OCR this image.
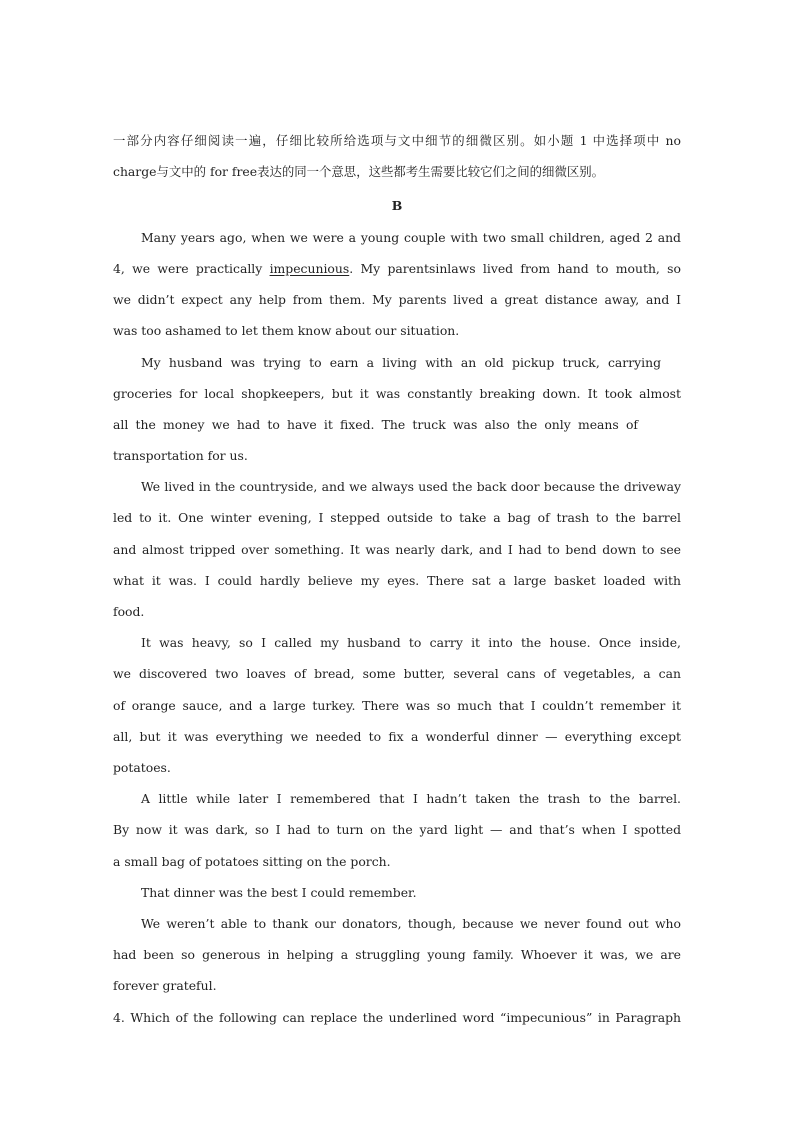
一部分内容仔细阅读一遍，仔细比较所给选项与文中细节的细微区别。如小题 1 中选择项中 no
charge与文中的 for free表达的同一个意思，这些都考生需要比较它们之间的细微区别。
B
Many years ago, when we were a young couple with two small children, aged 2 and
4, we were practically impecunious. My parentsinlaws lived from hand to mouth, so
we didn’t expect any help from them. My parents lived a great distance away, and I
was too ashamed to let them know about our situation.
My husband was trying to earn a living with an old pickup truck, carrying
groceries for local shopkeepers, but it was constantly breaking down. It took almost
all the money we had to have it fixed. The truck was also the only means of
transportation for us.
We lived in the countryside, and we always used the back door because the driveway
led to it. One winter evening, I stepped outside to take a bag of trash to the barrel
and almost tripped over something. It was nearly dark, and I had to bend down to see
what it was. I could hardly believe my eyes. There sat a large basket loaded with
food.
It was heavy, so I called my husband to carry it into the house. Once inside,
we discovered two loaves of bread, some butter, several cans of vegetables, a can
of orange sauce, and a large turkey. There was so much that I couldn’t remember it
all, but it was everything we needed to fix a wonderful dinner — everything except
potatoes.
A little while later I remembered that I hadn’t taken the trash to the barrel.
By now it was dark, so I had to turn on the yard light — and that’s when I spotted
a small bag of potatoes sitting on the porch.
That dinner was the best I could remember.
We weren’t able to thank our donators, though, because we never found out who
had been so generous in helping a struggling young family. Whoever it was, we are
forever grateful.
4. Which of the following can replace the underlined word “impecunious” in Paragraph
